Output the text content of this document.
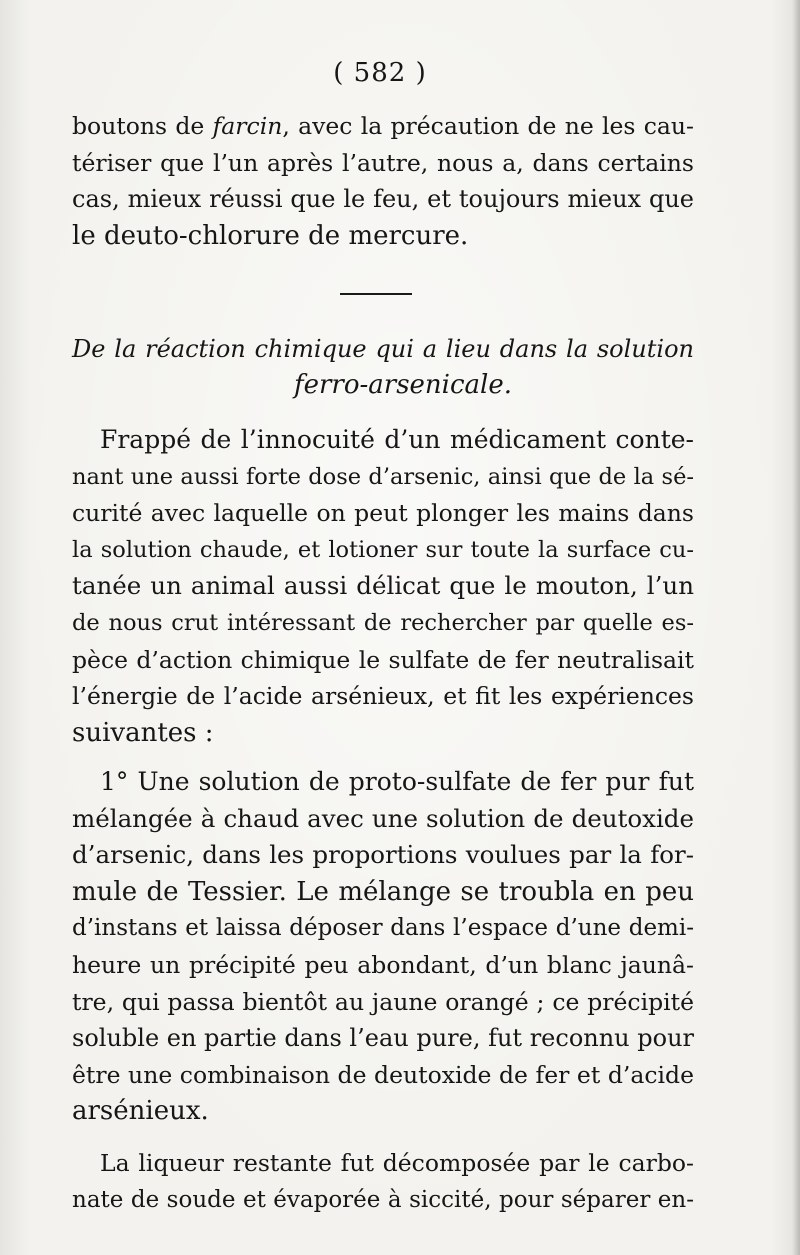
( 582 )
boutons de farcin, avec la précaution de ne les cau-
tériser que l’un après l’autre, nous a, dans certains
cas, mieux réussi que le feu, et toujours mieux que
le deuto-chlorure de mercure.
De la réaction chimique qui a lieu dans la solution
ferro-arsenicale.
Frappé de l’innocuité d’un médicament conte-
nant une aussi forte dose d’arsenic, ainsi que de la sé-
curité avec laquelle on peut plonger les mains dans
la solution chaude, et lotioner sur toute la surface cu-
tanée un animal aussi délicat que le mouton, l’un
de nous crut intéressant de rechercher par quelle es-
pèce d’action chimique le sulfate de fer neutralisait
l’énergie de l’acide arsénieux, et fit les expériences
suivantes :
1° Une solution de proto-sulfate de fer pur fut
mélangée à chaud avec une solution de deutoxide
d’arsenic, dans les proportions voulues par la for-
mule de Tessier. Le mélange se troubla en peu
d’instans et laissa déposer dans l’espace d’une demi-
heure un précipité peu abondant, d’un blanc jaunâ-
tre, qui passa bientôt au jaune orangé ; ce précipité
soluble en partie dans l’eau pure, fut reconnu pour
être une combinaison de deutoxide de fer et d’acide
arsénieux.
La liqueur restante fut décomposée par le carbo-
nate de soude et évaporée à siccité, pour séparer en-
